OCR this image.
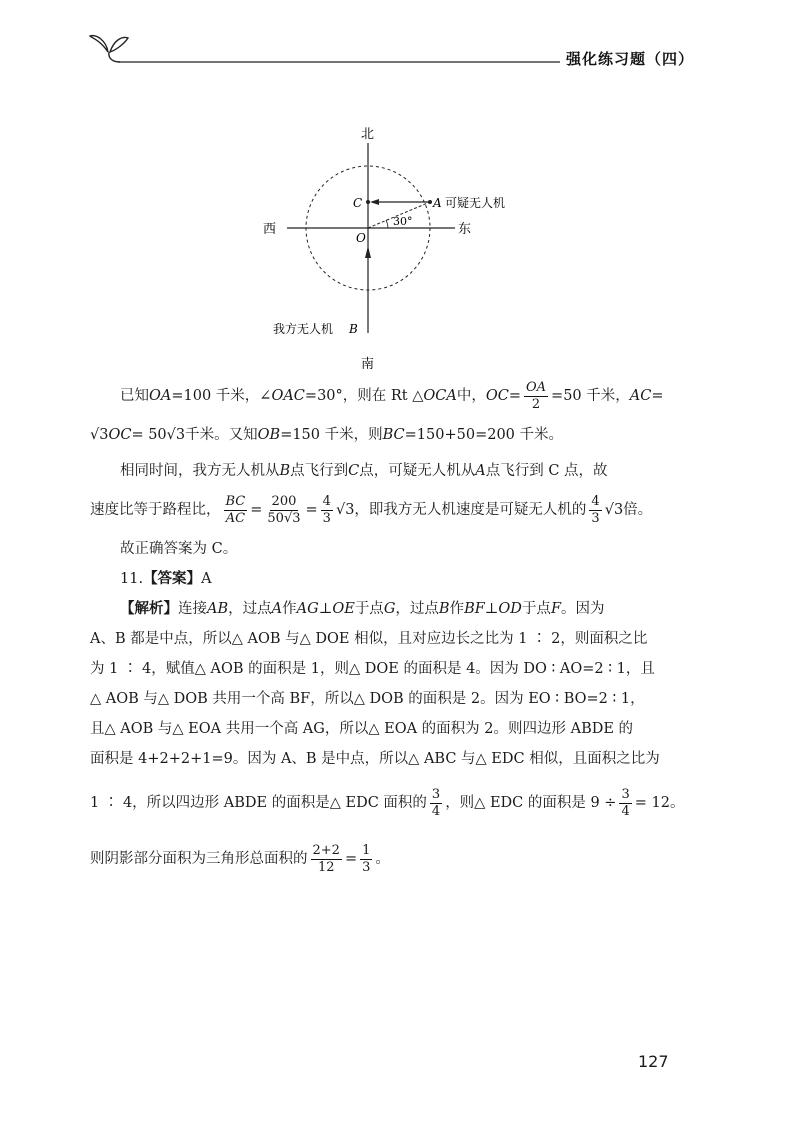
强化练习题（四）
北
南
西	东
C	A
O
30°
可疑无人机
我方无人机 B
已知 OA =100 千米，∠ OAC =30°，则在 Rt △ OCA 中， OC = $\frac{OA}{2} =50$ 千米， AC =
√3 OC = 50 √3 千米。又知 OB =150 千米，则 BC =150+50=200 千米。
相同时间，我方无人机从 B 点飞行到 C 点，可疑无人机从 A 点飞行到 C 点，故
速度比等于路程比， $\frac{BC}{AC} = \frac{200}{50√3} = \frac{4}{3} √3$，即我方无人机速度是可疑无人机的 $\frac{4}{3} √3$倍。
故正确答案为 C。
11. 【答案】 A
【解析】 连接 AB ，过点 A 作 AG ⊥ OE 于点 G ，过点 B 作 BF ⊥ OD 于点 F 。因为
A、B 都是中点，所以△ AOB 与△ DOE 相似，且对应边长之比为 1 ∶ 2，则面积之比
为 1 ∶ 4，赋值△ AOB 的面积是 1，则△ DOE 的面积是 4。因为 DO ∶ AO=2 ∶ 1，且
△ AOB 与△ DOB 共用一个高 BF，所以△ DOB 的面积是 2。因为 EO ∶ BO=2 ∶ 1，
且△ AOB 与△ EOA 共用一个高 AG，所以△ EOA 的面积为 2。则四边形 ABDE 的
面积是 4+2+2+1=9。因为 A、B 是中点，所以△ ABC 与△ EDC 相似，且面积之比为
1 ∶ 4，所以四边形 ABDE 的面积是△ EDC 面积的 $\frac{3}{4}$ ，则△ EDC 的面积是 $9 \div \frac{3}{4} = 12$。
则阴影部分面积为三角形总面积的 $\frac{2+2}{12} = \frac{1}{3}$ 。
127
